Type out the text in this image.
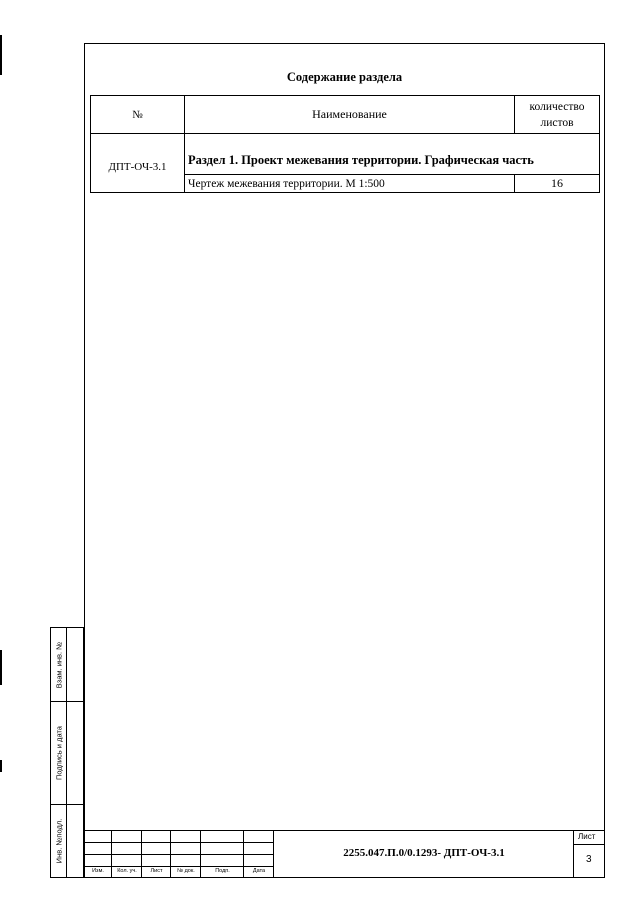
Содержание раздела
№	Наименование	количество
листов

ДПТ-ОЧ-3.1	Раздел 1. Проект межевания территории. Графическая часть	
	Чертеж межевания территории. М 1:500	16
Взам. инв. №
Подпись и дата
Инв. №подл.
Изм.	Кол. уч.	Лист	№ док.	Подп.	Дата
2255.047.П.0/0.1293- ДПТ-ОЧ-3.1
Лист
3
